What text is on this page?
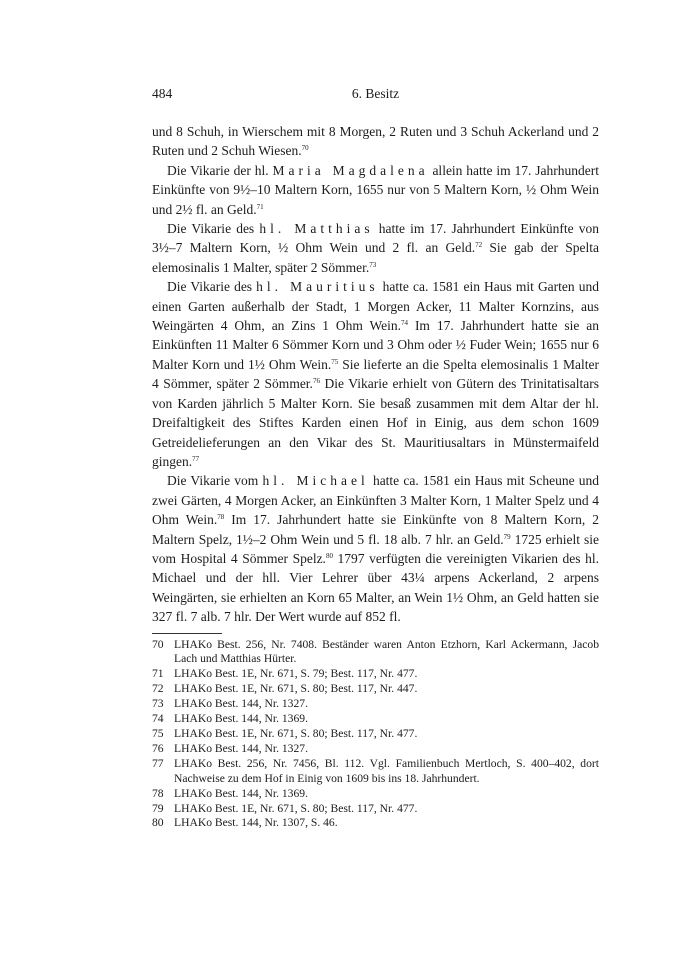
484	6. Besitz

und 8 Schuh, in Wierschem mit 8 Morgen, 2 Ruten und 3 Schuh Ackerland und 2 Ruten und 2 Schuh Wiesen.$^{70}$

Die Vikarie der hl. Maria Magdalena allein hatte im 17. Jahrhundert Einkünfte von 9½–10 Maltern Korn, 1655 nur von 5 Maltern Korn, ½ Ohm Wein und 2½ fl. an Geld.$^{71}$

Die Vikarie des hl. Matthias hatte im 17. Jahrhundert Einkünfte von 3½–7 Maltern Korn, ½ Ohm Wein und 2 fl. an Geld.$^{72}$ Sie gab der Spelta elemosinalis 1 Malter, später 2 Sömmer.$^{73}$

Die Vikarie des hl. Mauritius hatte ca. 1581 ein Haus mit Garten und einen Garten außerhalb der Stadt, 1 Morgen Acker, 11 Malter Kornzins, aus Weingärten 4 Ohm, an Zins 1 Ohm Wein.$^{74}$ Im 17. Jahrhundert hatte sie an Einkünften 11 Malter 6 Sömmer Korn und 3 Ohm oder ½ Fuder Wein; 1655 nur 6 Malter Korn und 1½ Ohm Wein.$^{75}$ Sie lieferte an die Spelta elemosinalis 1 Malter 4 Sömmer, später 2 Sömmer.$^{76}$ Die Vikarie erhielt von Gütern des Trinitatisaltars von Karden jährlich 5 Malter Korn. Sie besaß zusammen mit dem Altar der hl. Dreifaltigkeit des Stiftes Karden einen Hof in Einig, aus dem schon 1609 Getreidelieferungen an den Vikar des St. Mauritiusaltars in Münstermaifeld gingen.$^{77}$

Die Vikarie vom hl. Michael hatte ca. 1581 ein Haus mit Scheune und zwei Gärten, 4 Morgen Acker, an Einkünften 3 Malter Korn, 1 Malter Spelz und 4 Ohm Wein.$^{78}$ Im 17. Jahrhundert hatte sie Einkünfte von 8 Maltern Korn, 2 Maltern Spelz, 1½–2 Ohm Wein und 5 fl. 18 alb. 7 hlr. an Geld.$^{79}$ 1725 erhielt sie vom Hospital 4 Sömmer Spelz.$^{80}$ 1797 verfügten die vereinigten Vikarien des hl. Michael und der hll. Vier Lehrer über 43¼ arpens Ackerland, 2 arpens Weingärten, sie erhielten an Korn 65 Malter, an Wein 1½ Ohm, an Geld hatten sie 327 fl. 7 alb. 7 hlr. Der Wert wurde auf 852 fl.

70 LHAKo Best. 256, Nr. 7408. Beständer waren Anton Etzhorn, Karl Ackermann, Jacob Lach und Matthias Hürter.
71 LHAKo Best. 1E, Nr. 671, S. 79; Best. 117, Nr. 477.
72 LHAKo Best. 1E, Nr. 671, S. 80; Best. 117, Nr. 447.
73 LHAKo Best. 144, Nr. 1327.
74 LHAKo Best. 144, Nr. 1369.
75 LHAKo Best. 1E, Nr. 671, S. 80; Best. 117, Nr. 477.
76 LHAKo Best. 144, Nr. 1327.
77 LHAKo Best. 256, Nr. 7456, Bl. 112. Vgl. Familienbuch Mertloch, S. 400–402, dort Nachweise zu dem Hof in Einig von 1609 bis ins 18. Jahrhundert.
78 LHAKo Best. 144, Nr. 1369.
79 LHAKo Best. 1E, Nr. 671, S. 80; Best. 117, Nr. 477.
80 LHAKo Best. 144, Nr. 1307, S. 46.
